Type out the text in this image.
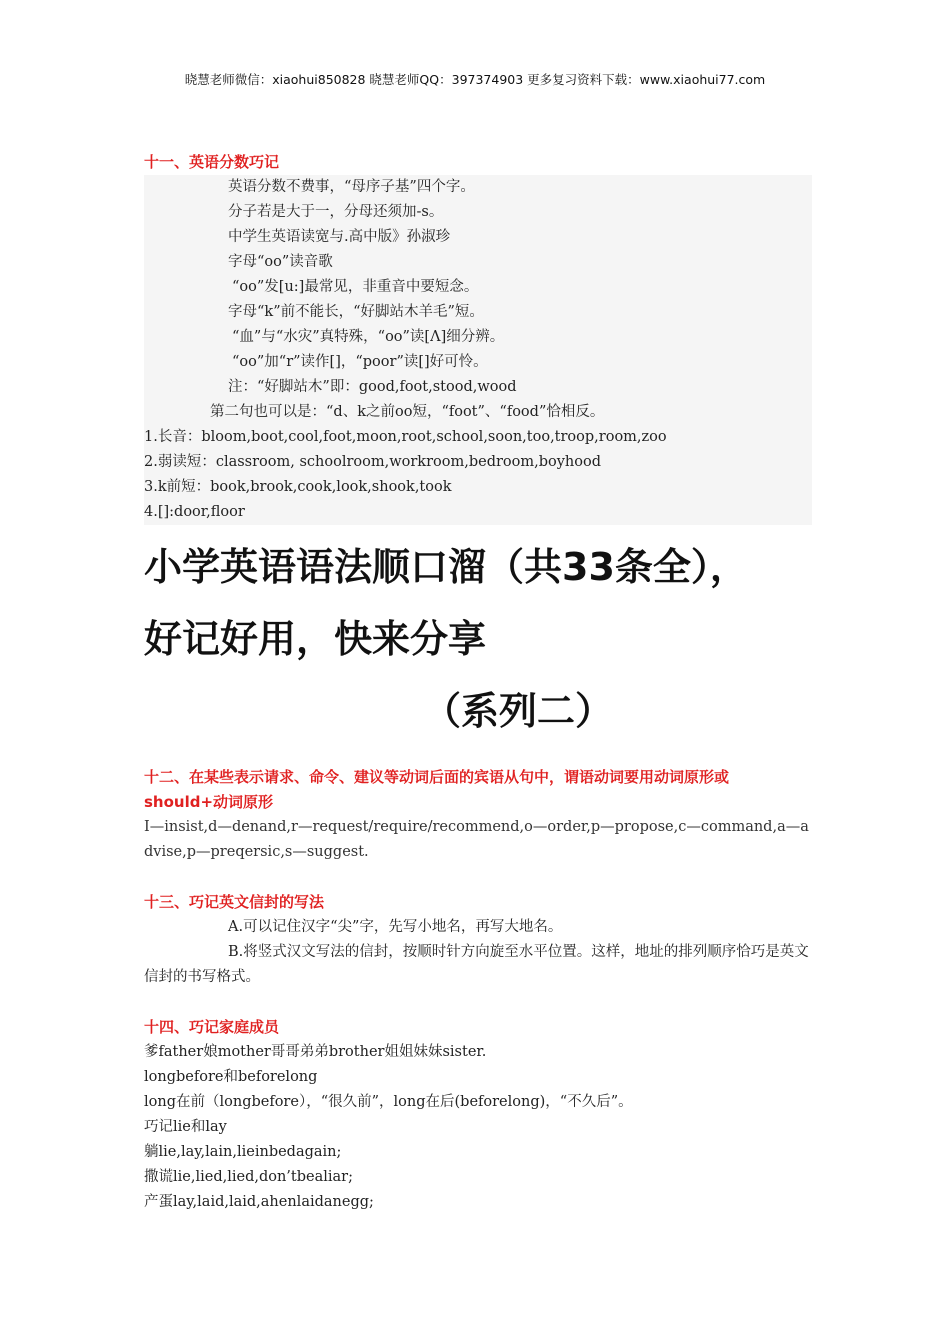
晓慧老师微信：xiaohui850828 晓慧老师QQ：397374903 更多复习资料下载：www.xiaohui77.com
十一、英语分数巧记
英语分数不费事，“母序子基”四个字。
分子若是大于一，分母还须加-s。
中学生英语读宽与.高中版》孙淑珍
字母“oo”读音歌
“oo”发[u:]最常见，非重音中要短念。
字母“k”前不能长，“好脚站木羊毛”短。
“血”与“水灾”真特殊，“oo”读[Λ]细分辨。
“oo”加“r”读作[]，“poor”读[]好可怜。
注：“好脚站木”即：good,foot,stood,wood
第二句也可以是：“d、k之前oo短，“foot”、“food”恰相反。
1.长音：bloom,boot,cool,foot,moon,root,school,soon,too,troop,room,zoo
2.弱读短：classroom, schoolroom,workroom,bedroom,boyhood
3.k前短：book,brook,cook,look,shook,took
4.[]:door,floor
小学英语语法顺口溜（共33条全），
好记好用，快来分享
（系列二）
十二、在某些表示请求、命令、建议等动词后面的宾语从句中，谓语动词要用动词原形或should+动词原形
I—insist,d—denand,r—request/require/recommend,o—order,p—propose,c—command,a—advise,p—preqersic,s—suggest.
十三、巧记英文信封的写法
A.可以记住汉字“尖”字，先写小地名，再写大地名。
B.将竖式汉文写法的信封，按顺时针方向旋至水平位置。这样，地址的排列顺序恰巧是英文信封的书写格式。
十四、巧记家庭成员
爹father娘mother哥哥弟弟brother姐姐妹妹sister.
longbefore和beforelong
long在前（longbefore），“很久前”，long在后(beforelong)，“不久后”。
巧记lie和lay
躺lie,lay,lain,lieinbedagain;
撒谎lie,lied,lied,don’tbealiar;
产蛋lay,laid,laid,ahenlaidanegg;
